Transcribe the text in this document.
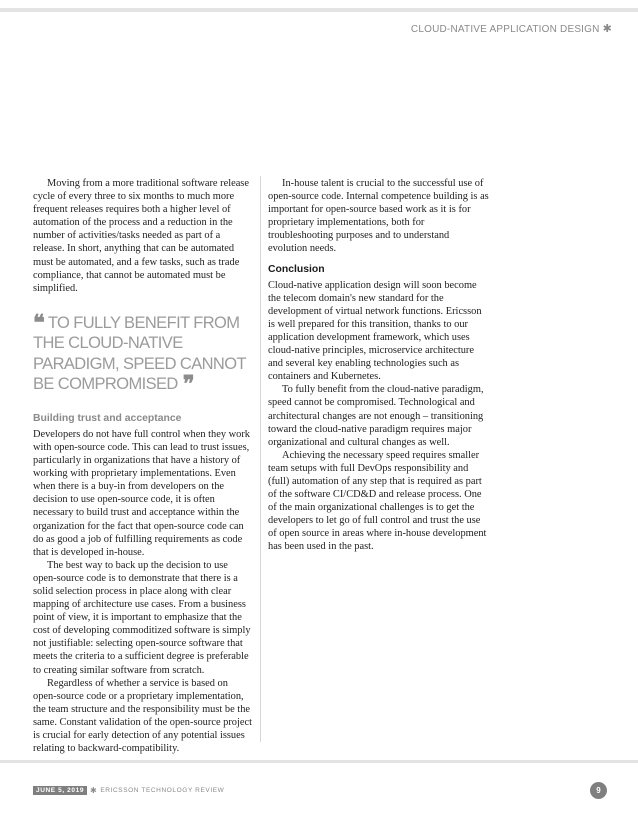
CLOUD-NATIVE APPLICATION DESIGN ✱

Moving from a more traditional software release cycle of every three to six months to much more frequent releases requires both a higher level of automation of the process and a reduction in the number of activities/tasks needed as part of a release. In short, anything that can be automated must be automated, and a few tasks, such as trade compliance, that cannot be automated must be simplified.

❝ TO FULLY BENEFIT FROM THE CLOUD-NATIVE PARADIGM, SPEED CANNOT BE COMPROMISED ❞
Building trust and acceptance

Developers do not have full control when they work with open-source code. This can lead to trust issues, particularly in organizations that have a history of working with proprietary implementations. Even when there is a buy-in from developers on the decision to use open-source code, it is often necessary to build trust and acceptance within the organization for the fact that open-source code can do as good a job of fulfilling requirements as code that is developed in-house.

The best way to back up the decision to use open-source code is to demonstrate that there is a solid selection process in place along with clear mapping of architecture use cases. From a business point of view, it is important to emphasize that the cost of developing commoditized software is simply not justifiable: selecting open-source software that meets the criteria to a sufficient degree is preferable to creating similar software from scratch.

Regardless of whether a service is based on open-source code or a proprietary implementation, the team structure and the responsibility must be the same. Constant validation of the open-source project is crucial for early detection of any potential issues relating to backward-compatibility.

In-house talent is crucial to the successful use of open-source code. Internal competence building is as important for open-source based work as it is for proprietary implementations, both for troubleshooting purposes and to understand evolution needs.

Conclusion

Cloud-native application design will soon become the telecom domain's new standard for the development of virtual network functions. Ericsson is well prepared for this transition, thanks to our application development framework, which uses cloud-native principles, microservice architecture and several key enabling technologies such as containers and Kubernetes.

To fully benefit from the cloud-native paradigm, speed cannot be compromised. Technological and architectural changes are not enough – transitioning toward the cloud-native paradigm requires major organizational and cultural changes as well.

Achieving the necessary speed requires smaller team setups with full DevOps responsibility and (full) automation of any step that is required as part of the software CI/CD&D and release process. One of the main organizational challenges is to get the developers to let go of full control and trust the use of open source in areas where in-house development has been used in the past.

JUNE 5, 2019 ✱ ERICSSON TECHNOLOGY REVIEW	9
